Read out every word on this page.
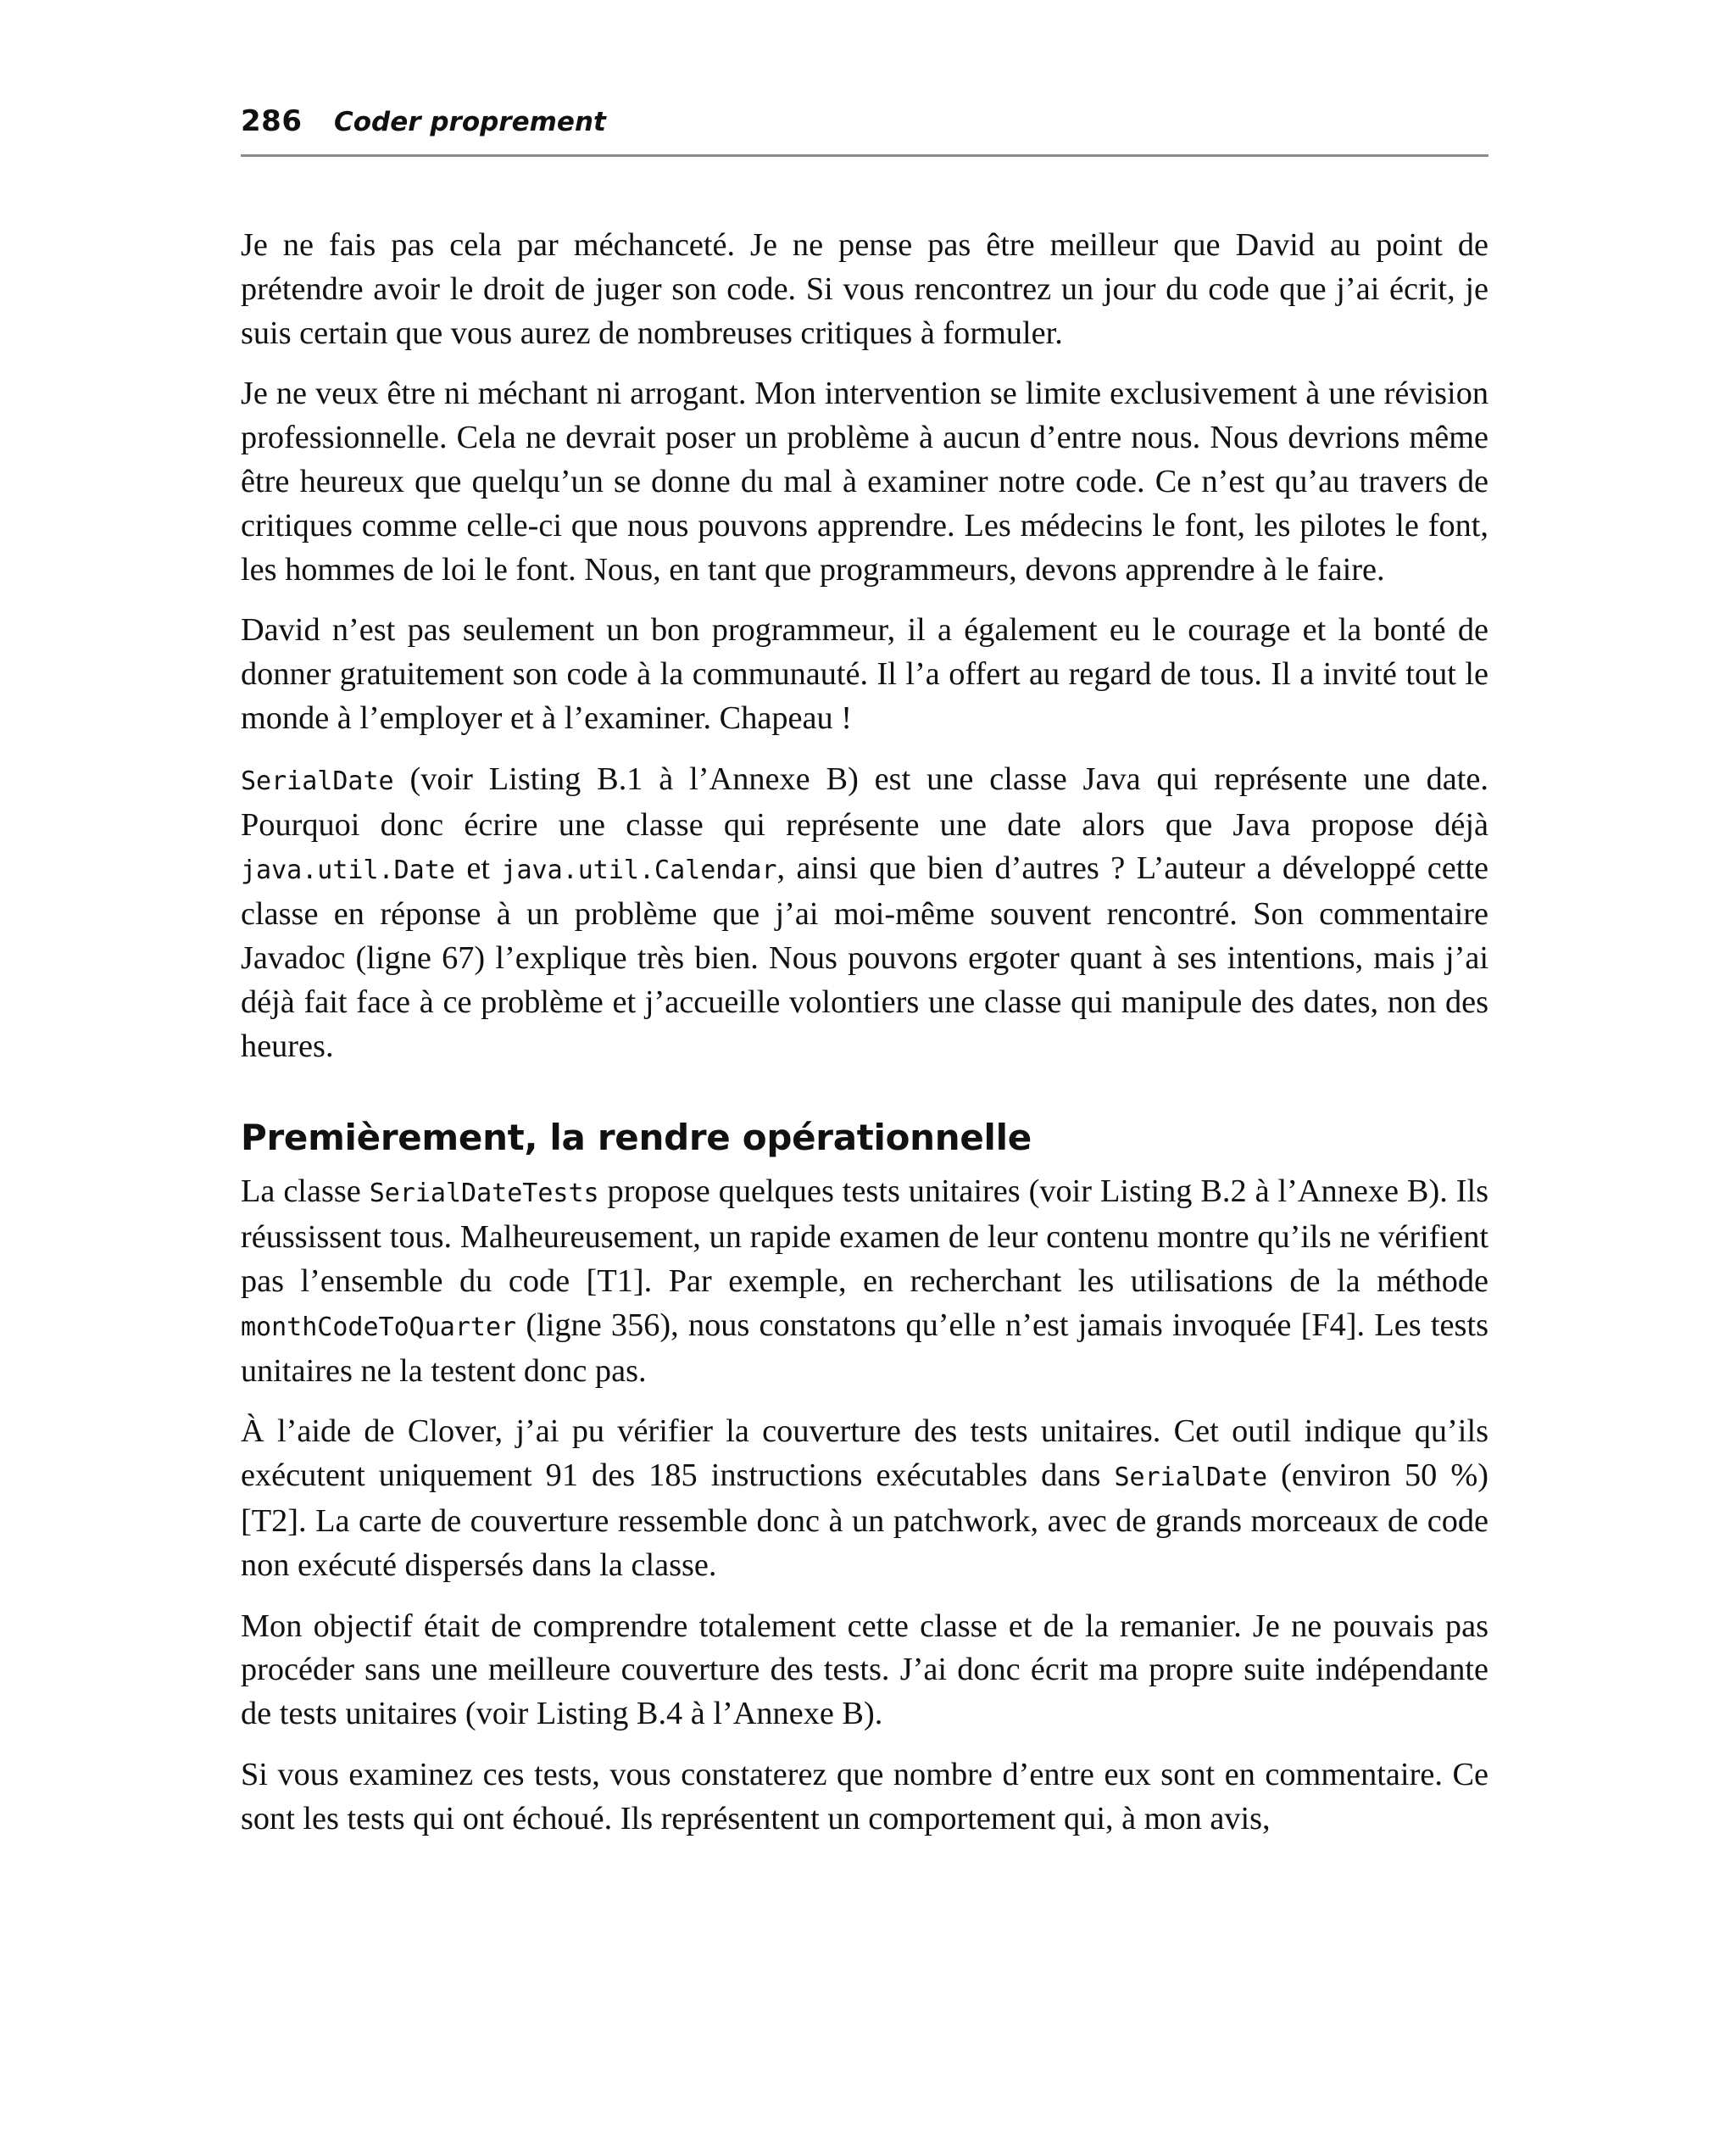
286 Coder proprement

Je ne fais pas cela par méchanceté. Je ne pense pas être meilleur que David au point de prétendre avoir le droit de juger son code. Si vous rencontrez un jour du code que j’ai écrit, je suis certain que vous aurez de nombreuses critiques à formuler.

Je ne veux être ni méchant ni arrogant. Mon intervention se limite exclusivement à une révision professionnelle. Cela ne devrait poser un problème à aucun d’entre nous. Nous devrions même être heureux que quelqu’un se donne du mal à examiner notre code. Ce n’est qu’au travers de critiques comme celle-ci que nous pouvons apprendre. Les médecins le font, les pilotes le font, les hommes de loi le font. Nous, en tant que programmeurs, devons apprendre à le faire.

David n’est pas seulement un bon programmeur, il a également eu le courage et la bonté de donner gratuitement son code à la communauté. Il l’a offert au regard de tous. Il a invité tout le monde à l’employer et à l’examiner. Chapeau !

SerialDate (voir Listing B.1 à l’Annexe B) est une classe Java qui représente une date. Pourquoi donc écrire une classe qui représente une date alors que Java propose déjà java.util.Date et java.util.Calendar, ainsi que bien d’autres ? L’auteur a développé cette classe en réponse à un problème que j’ai moi-même souvent rencontré. Son commentaire Javadoc (ligne 67) l’explique très bien. Nous pouvons ergoter quant à ses intentions, mais j’ai déjà fait face à ce problème et j’accueille volontiers une classe qui manipule des dates, non des heures.

Premièrement, la rendre opérationnelle

La classe SerialDateTests propose quelques tests unitaires (voir Listing B.2 à l’Annexe B). Ils réussissent tous. Malheureusement, un rapide examen de leur contenu montre qu’ils ne vérifient pas l’ensemble du code [T1]. Par exemple, en recherchant les utilisations de la méthode monthCodeToQuarter (ligne 356), nous constatons qu’elle n’est jamais invoquée [F4]. Les tests unitaires ne la testent donc pas.

À l’aide de Clover, j’ai pu vérifier la couverture des tests unitaires. Cet outil indique qu’ils exécutent uniquement 91 des 185 instructions exécutables dans SerialDate (environ 50 %) [T2]. La carte de couverture ressemble donc à un patchwork, avec de grands morceaux de code non exécuté dispersés dans la classe.

Mon objectif était de comprendre totalement cette classe et de la remanier. Je ne pouvais pas procéder sans une meilleure couverture des tests. J’ai donc écrit ma propre suite indépendante de tests unitaires (voir Listing B.4 à l’Annexe B).

Si vous examinez ces tests, vous constaterez que nombre d’entre eux sont en commentaire. Ce sont les tests qui ont échoué. Ils représentent un comportement qui, à mon avis,
